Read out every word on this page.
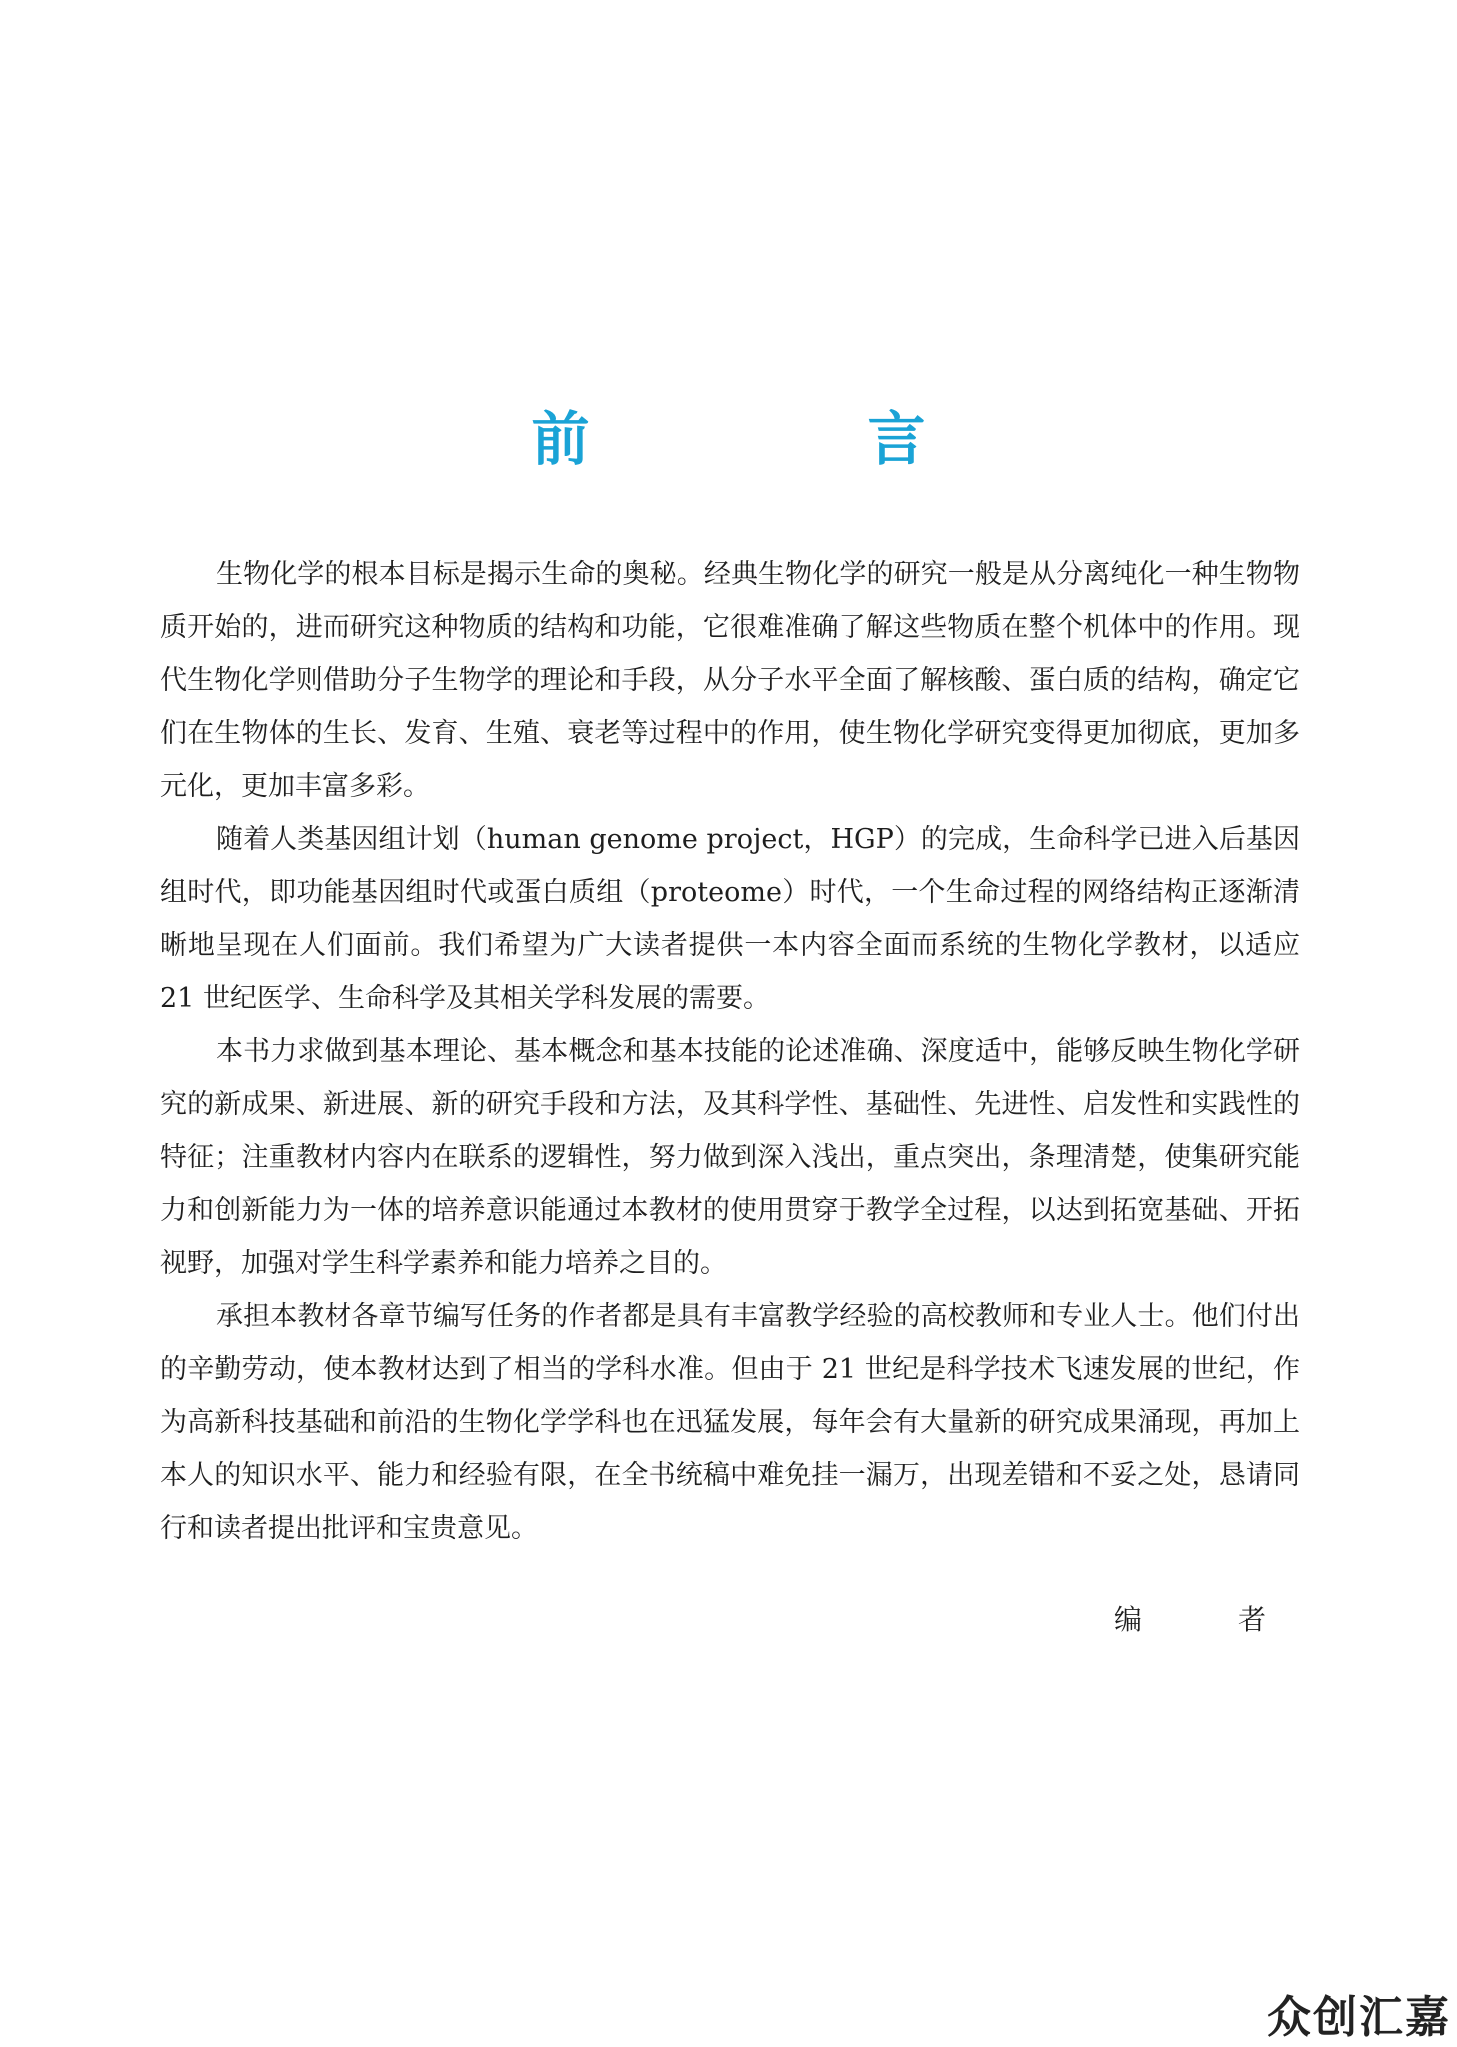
前　言

生物化学的根本目标是揭示生命的奥秘。经典生物化学的研究一般是从分离纯化一种生物物质开始的，进而研究这种物质的结构和功能，它很难准确了解这些物质在整个机体中的作用。现代生物化学则借助分子生物学的理论和手段，从分子水平全面了解核酸、蛋白质的结构，确定它们在生物体的生长、发育、生殖、衰老等过程中的作用，使生物化学研究变得更加彻底，更加多元化，更加丰富多彩。

随着人类基因组计划（human genome project，HGP）的完成，生命科学已进入后基因组时代，即功能基因组时代或蛋白质组（proteome）时代，一个生命过程的网络结构正逐渐清晰地呈现在人们面前。我们希望为广大读者提供一本内容全面而系统的生物化学教材，以适应 21 世纪医学、生命科学及其相关学科发展的需要。

本书力求做到基本理论、基本概念和基本技能的论述准确、深度适中，能够反映生物化学研究的新成果、新进展、新的研究手段和方法，及其科学性、基础性、先进性、启发性和实践性的特征；注重教材内容内在联系的逻辑性，努力做到深入浅出，重点突出，条理清楚，使集研究能力和创新能力为一体的培养意识能通过本教材的使用贯穿于教学全过程，以达到拓宽基础、开拓视野，加强对学生科学素养和能力培养之目的。

承担本教材各章节编写任务的作者都是具有丰富教学经验的高校教师和专业人士。他们付出的辛勤劳动，使本教材达到了相当的学科水准。但由于 21 世纪是科学技术飞速发展的世纪，作为高新科技基础和前沿的生物化学学科也在迅猛发展，每年会有大量新的研究成果涌现，再加上本人的知识水平、能力和经验有限，在全书统稿中难免挂一漏万，出现差错和不妥之处，恳请同行和读者提出批评和宝贵意见。

编　者
众创汇嘉
